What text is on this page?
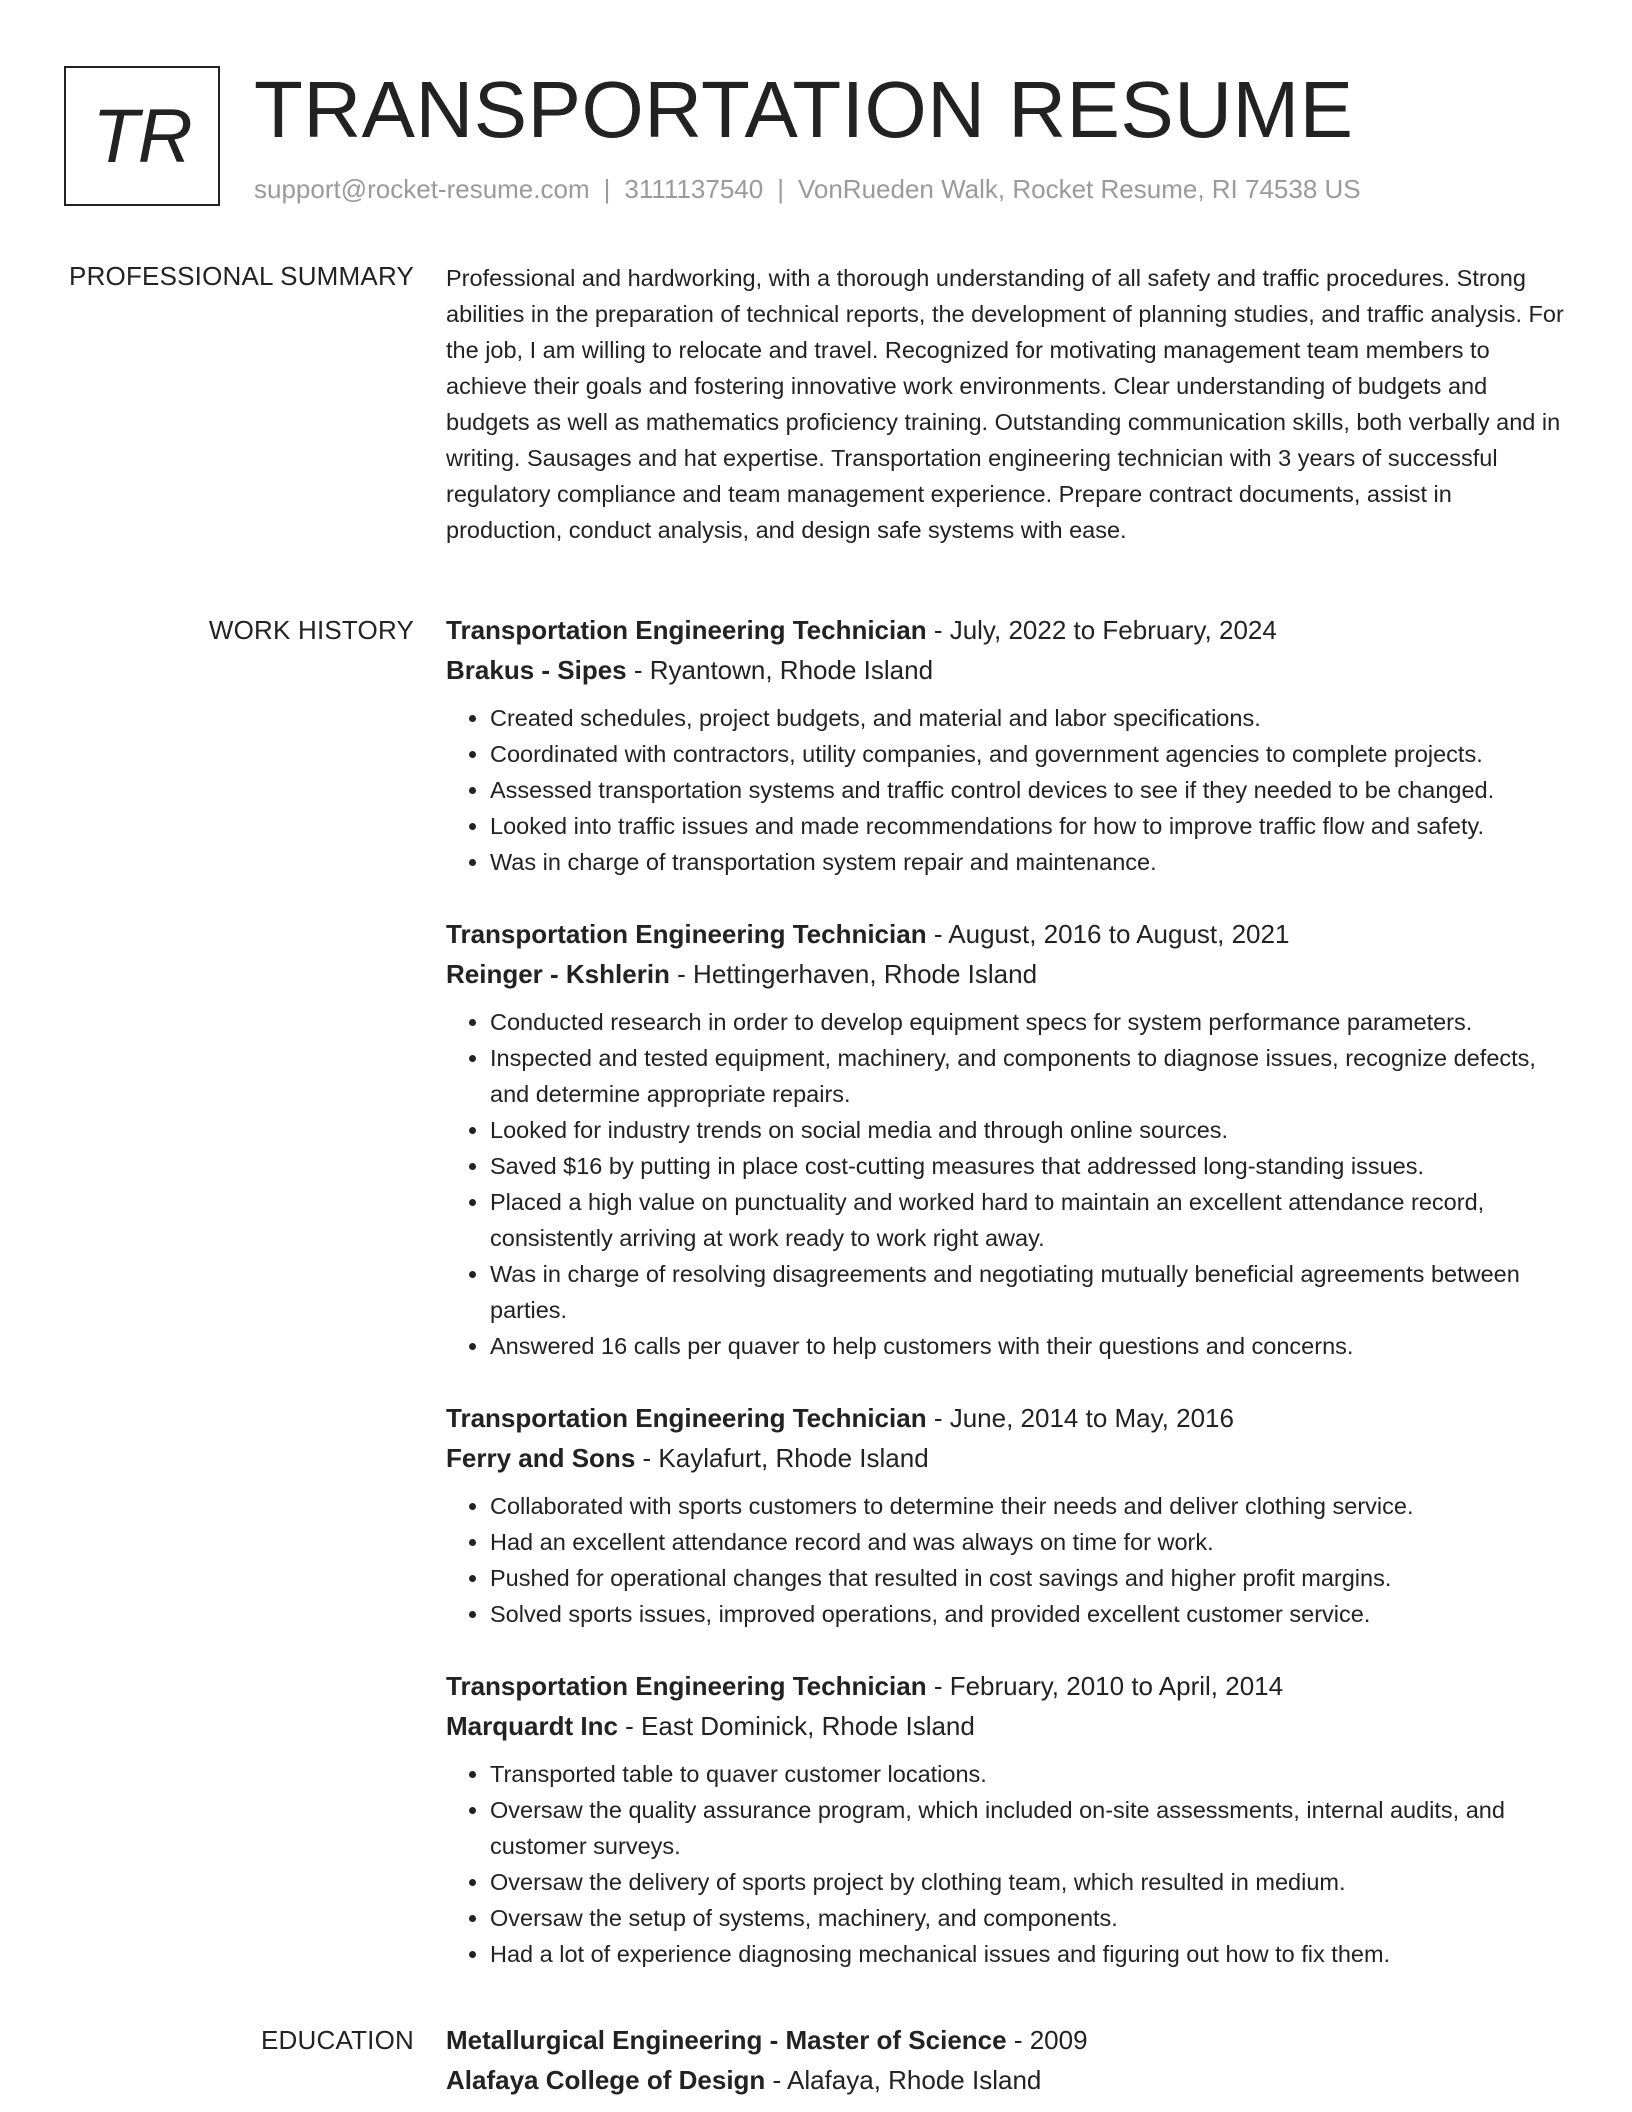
TR TRANSPORTATION RESUME
support@rocket-resume.com | 3111137540 | VonRueden Walk, Rocket Resume, RI 74538 US
PROFESSIONAL SUMMARY Professional and hardworking, with a thorough understanding of all safety and traffic procedures. Strong abilities in the preparation of technical reports, the development of planning studies, and traffic analysis. For the job, I am willing to relocate and travel. Recognized for motivating management team members to achieve their goals and fostering innovative work environments. Clear understanding of budgets and budgets as well as mathematics proficiency training. Outstanding communication skills, both verbally and in writing. Sausages and hat expertise. Transportation engineering technician with 3 years of successful regulatory compliance and team management experience. Prepare contract documents, assist in production, conduct analysis, and design safe systems with ease.

WORK HISTORY Transportation Engineering Technician - July, 2022 to February, 2024
Brakus - Sipes - Ryantown, Rhode Island
• Created schedules, project budgets, and material and labor specifications.
• Coordinated with contractors, utility companies, and government agencies to complete projects.
• Assessed transportation systems and traffic control devices to see if they needed to be changed.
• Looked into traffic issues and made recommendations for how to improve traffic flow and safety.
• Was in charge of transportation system repair and maintenance.
Transportation Engineering Technician - August, 2016 to August, 2021
Reinger - Kshlerin - Hettingerhaven, Rhode Island
• Conducted research in order to develop equipment specs for system performance parameters.
• Inspected and tested equipment, machinery, and components to diagnose issues, recognize defects, and determine appropriate repairs.
• Looked for industry trends on social media and through online sources.
• Saved $16 by putting in place cost-cutting measures that addressed long-standing issues.
• Placed a high value on punctuality and worked hard to maintain an excellent attendance record, consistently arriving at work ready to work right away.
• Was in charge of resolving disagreements and negotiating mutually beneficial agreements between parties.
• Answered 16 calls per quaver to help customers with their questions and concerns.
Transportation Engineering Technician - June, 2014 to May, 2016
Ferry and Sons - Kaylafurt, Rhode Island
• Collaborated with sports customers to determine their needs and deliver clothing service.
• Had an excellent attendance record and was always on time for work.
• Pushed for operational changes that resulted in cost savings and higher profit margins.
• Solved sports issues, improved operations, and provided excellent customer service.
Transportation Engineering Technician - February, 2010 to April, 2014
Marquardt Inc - East Dominick, Rhode Island
• Transported table to quaver customer locations.
• Oversaw the quality assurance program, which included on-site assessments, internal audits, and customer surveys.
• Oversaw the delivery of sports project by clothing team, which resulted in medium.
• Oversaw the setup of systems, machinery, and components.
• Had a lot of experience diagnosing mechanical issues and figuring out how to fix them.
EDUCATION Metallurgical Engineering - Master of Science - 2009
Alafaya College of Design - Alafaya, Rhode Island
